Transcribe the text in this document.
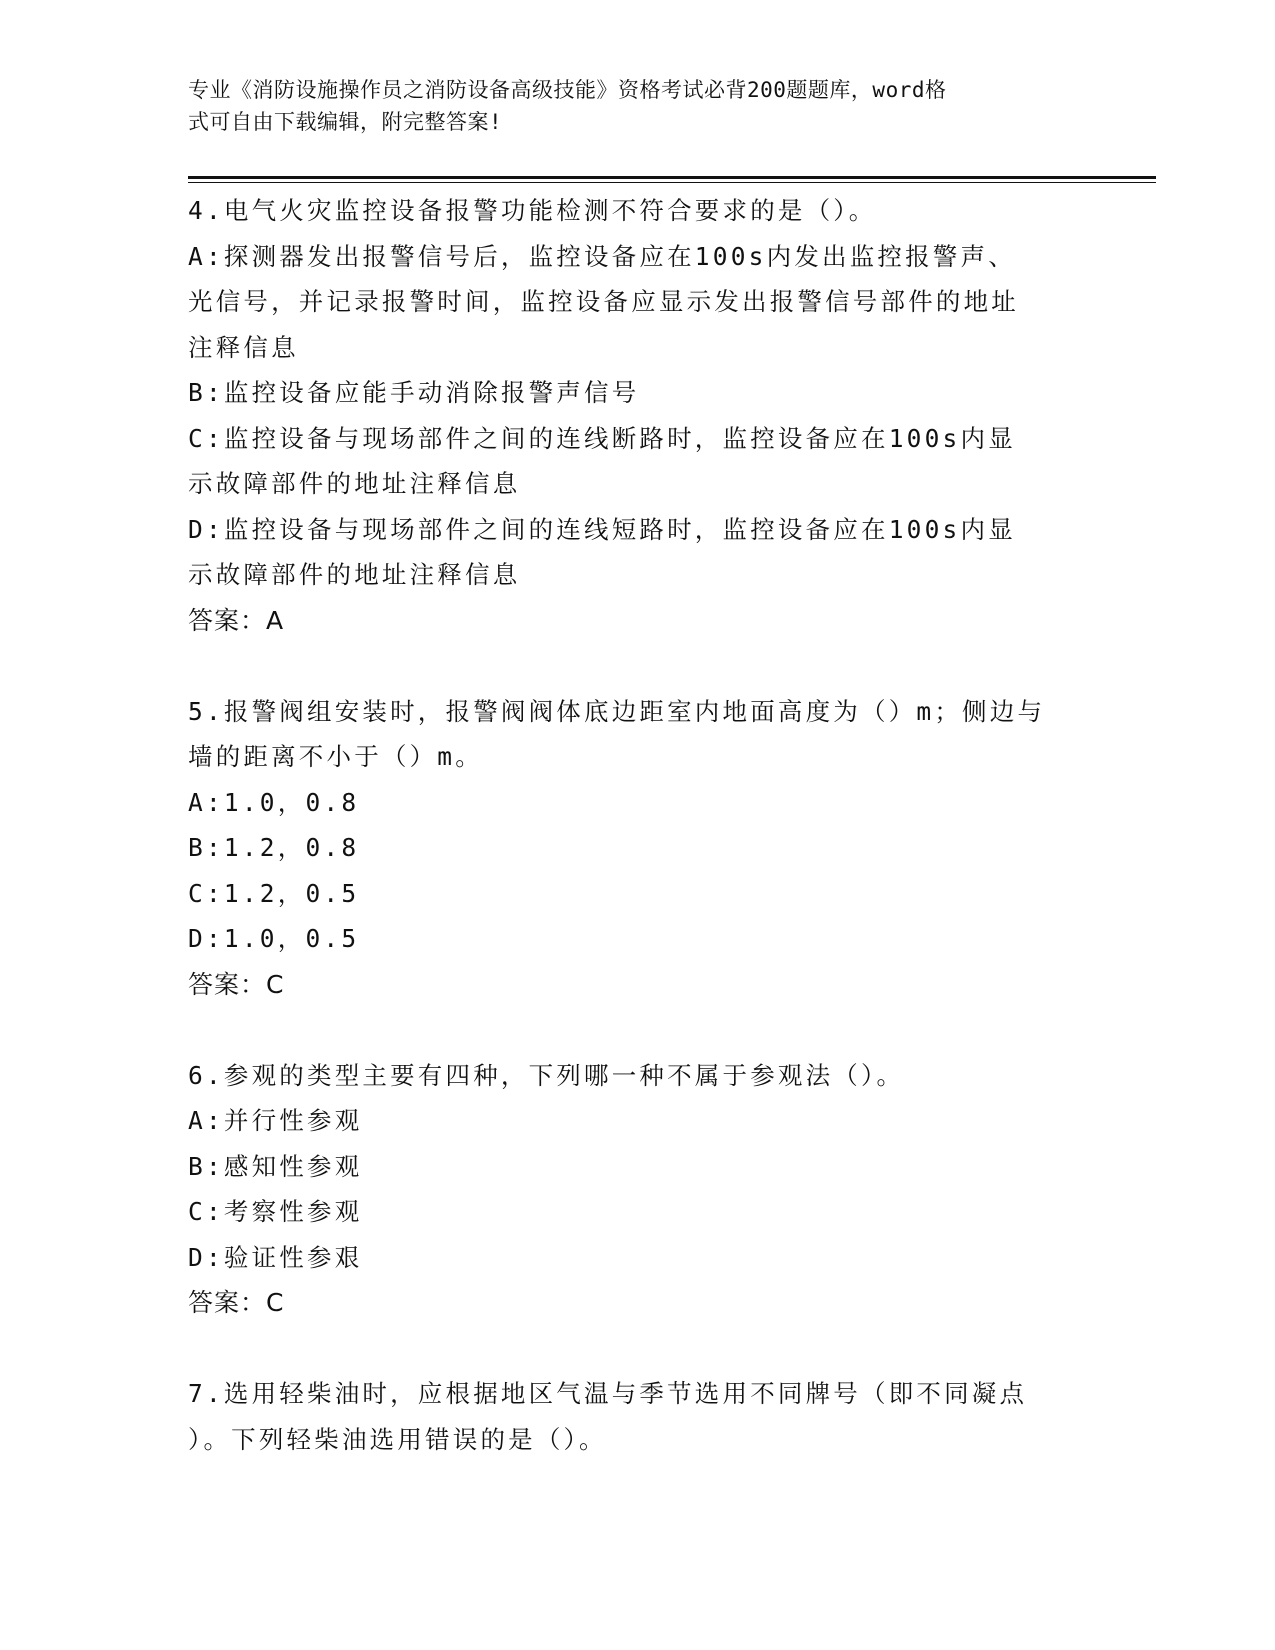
专业《消防设施操作员之消防设备高级技能》资格考试必背200题题库，word格
式可自由下载编辑，附完整答案!
4.电气火灾监控设备报警功能检测不符合要求的是（）。
A:探测器发出报警信号后，监控设备应在100s内发出监控报警声、
光信号，并记录报警时间，监控设备应显示发出报警信号部件的地址
注释信息
B:监控设备应能手动消除报警声信号
C:监控设备与现场部件之间的连线断路时，监控设备应在100s内显
示故障部件的地址注释信息
D:监控设备与现场部件之间的连线短路时，监控设备应在100s内显
示故障部件的地址注释信息
答案：A
5.报警阀组安装时，报警阀阀体底边距室内地面高度为（）m；侧边与
墙的距离不小于（）m。
A:1.0，0.8
B:1.2，0.8
C:1.2，0.5
D:1.0，0.5
答案：C
6.参观的类型主要有四种，下列哪一种不属于参观法（）。
A:并行性参观
B:感知性参观
C:考察性参观
D:验证性参艰
答案：C
7.选用轻柴油时，应根据地区气温与季节选用不同牌号（即不同凝点
）。下列轻柴油选用错误的是（）。
